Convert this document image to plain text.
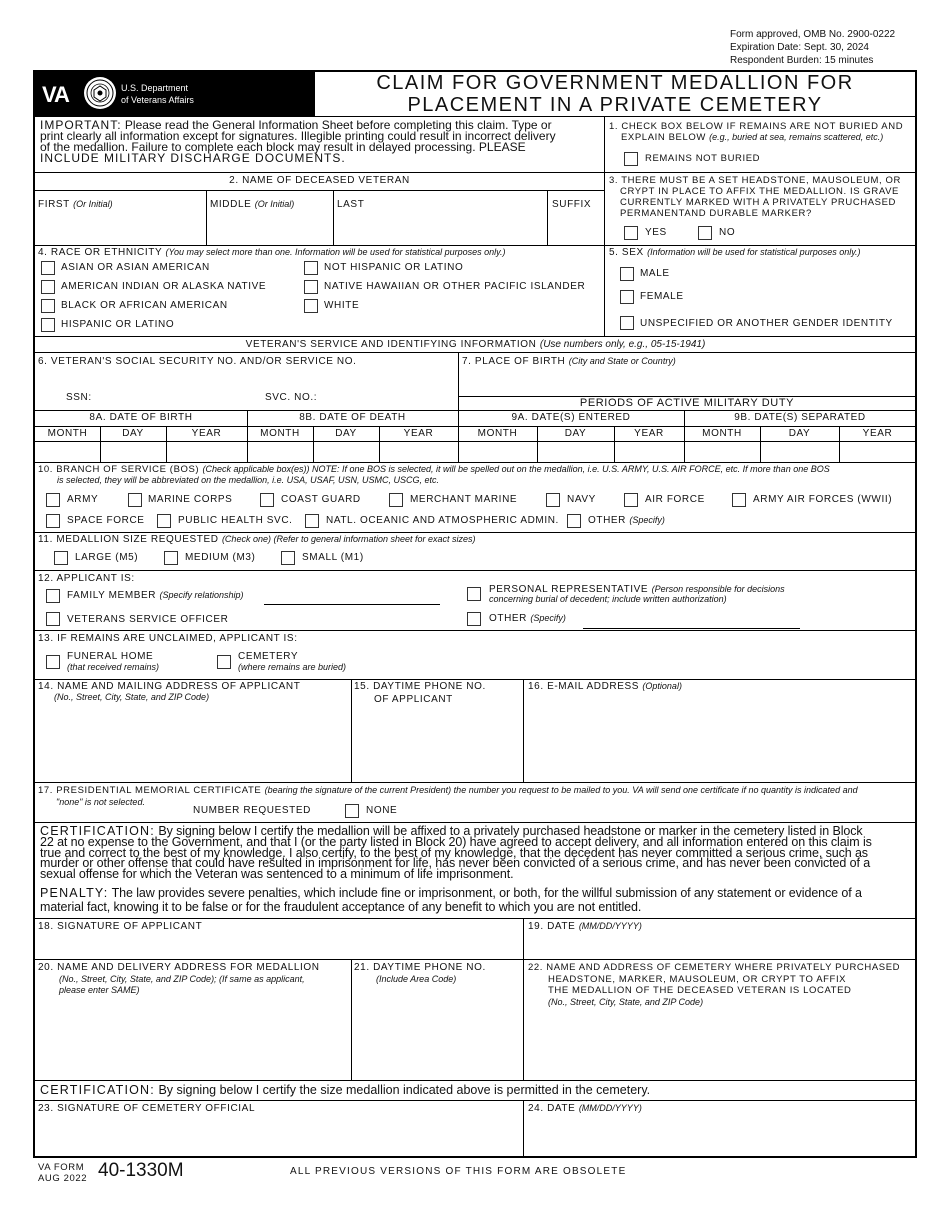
Form approved, OMB No. 2900-0222
Expiration Date: Sept. 30, 2024
Respondent Burden: 15 minutes
VA	U.S. Department
of Veterans Affairs
CLAIM FOR GOVERNMENT MEDALLION FOR
PLACEMENT IN A PRIVATE CEMETERY
IMPORTANT: Please read the General Information Sheet before completing this claim. Type or
print clearly all information except for signatures. Illegible printing could result in incorrect delivery
of the medallion. Failure to complete each block may result in delayed processing. PLEASE
INCLUDE MILITARY DISCHARGE DOCUMENTS.
1. CHECK BOX BELOW IF REMAINS ARE NOT BURIED AND
EXPLAIN BELOW (e.g., buried at sea, remains scattered, etc.)
REMAINS NOT BURIED
2. NAME OF DECEASED VETERAN
FIRST (Or Initial)	MIDDLE (Or Initial)	LAST	SUFFIX
3. THERE MUST BE A SET HEADSTONE, MAUSOLEUM, OR
CRYPT IN PLACE TO AFFIX THE MEDALLION. IS GRAVE
CURRENTLY MARKED WITH A PRIVATELY PRUCHASED
PERMANENTAND DURABLE MARKER?
YES	NO
4. RACE OR ETHNICITY (You may select more than one. Information will be used for statistical purposes only.)
ASIAN OR ASIAN AMERICAN
AMERICAN INDIAN OR ALASKA NATIVE
BLACK OR AFRICAN AMERICAN
HISPANIC OR LATINO
NOT HISPANIC OR LATINO
NATIVE HAWAIIAN OR OTHER PACIFIC ISLANDER
WHITE
5. SEX (Information will be used for statistical purposes only.)
MALE
FEMALE
UNSPECIFIED OR ANOTHER GENDER IDENTITY
VETERAN'S SERVICE AND IDENTIFYING INFORMATION (Use numbers only, e.g., 05-15-1941)
6. VETERAN'S SOCIAL SECURITY NO. AND/OR SERVICE NO.
SSN:	SVC. NO.:
7. PLACE OF BIRTH (City and State or Country)
PERIODS OF ACTIVE MILITARY DUTY
8A. DATE OF BIRTH	8B. DATE OF DEATH	9A. DATE(S) ENTERED	9B. DATE(S) SEPARATED
MONTH	DAY	YEAR	MONTH	DAY	YEAR	MONTH	DAY	YEAR	MONTH	DAY	YEAR
10. BRANCH OF SERVICE (BOS) (Check applicable box(es)) NOTE: If one BOS is selected, it will be spelled out on the medallion, i.e. U.S. ARMY, U.S. AIR FORCE, etc. If more than one BOS
is selected, they will be abbreviated on the medallion, i.e. USA, USAF, USN, USMC, USCG, etc.
ARMY	MARINE CORPS	COAST GUARD	MERCHANT MARINE	NAVY	AIR FORCE	ARMY AIR FORCES (WWII)
SPACE FORCE	PUBLIC HEALTH SVC.	NATL. OCEANIC AND ATMOSPHERIC ADMIN.	OTHER (Specify)
11. MEDALLION SIZE REQUESTED (Check one) (Refer to general information sheet for exact sizes)
LARGE (M5)	MEDIUM (M3)	SMALL (M1)
12. APPLICANT IS:
FAMILY MEMBER (Specify relationship)
VETERANS SERVICE OFFICER
PERSONAL REPRESENTATIVE (Person responsible for decisions
concerning burial of decedent; include written authorization)
OTHER (Specify)
13. IF REMAINS ARE UNCLAIMED, APPLICANT IS:
FUNERAL HOME
(that received remains)
CEMETERY
(where remains are buried)
14. NAME AND MAILING ADDRESS OF APPLICANT
(No., Street, City, State, and ZIP Code)
15. DAYTIME PHONE NO.
OF APPLICANT
16. E-MAIL ADDRESS (Optional)
17. PRESIDENTIAL MEMORIAL CERTIFICATE (bearing the signature of the current President) the number you request to be mailed to you. VA will send one certificate if no quantity is indicated and
"none" is not selected.
NUMBER REQUESTED	NONE
CERTIFICATION: By signing below I certify the medallion will be affixed to a privately purchased headstone or marker in the cemetery listed in Block
22 at no expense to the Government, and that I (or the party listed in Block 20) have agreed to accept delivery, and all information entered on this claim is
true and correct to the best of my knowledge. I also certify, to the best of my knowledge, that the decedent has never committed a serious crime, such as
murder or other offense that could have resulted in imprisonment for life, has never been convicted of a serious crime, and has never been convicted of a
sexual offense for which the Veteran was sentenced to a minimum of life imprisonment.
PENALTY: The law provides severe penalties, which include fine or imprisonment, or both, for the willful submission of any statement or evidence of a
material fact, knowing it to be false or for the fraudulent acceptance of any benefit to which you are not entitled.
18. SIGNATURE OF APPLICANT	19. DATE (MM/DD/YYYY)
20. NAME AND DELIVERY ADDRESS FOR MEDALLION
(No., Street, City, State, and ZIP Code); (If same as applicant,
please enter SAME)
21. DAYTIME PHONE NO.
(Include Area Code)
22. NAME AND ADDRESS OF CEMETERY WHERE PRIVATELY PURCHASED
HEADSTONE, MARKER, MAUSOLEUM, OR CRYPT TO AFFIX
THE MEDALLION OF THE DECEASED VETERAN IS LOCATED
(No., Street, City, State, and ZIP Code)
CERTIFICATION: By signing below I certify the size medallion indicated above is permitted in the cemetery.
23. SIGNATURE OF CEMETERY OFFICIAL	24. DATE (MM/DD/YYYY)
VA FORM
AUG 2022 40-1330M	ALL PREVIOUS VERSIONS OF THIS FORM ARE OBSOLETE
